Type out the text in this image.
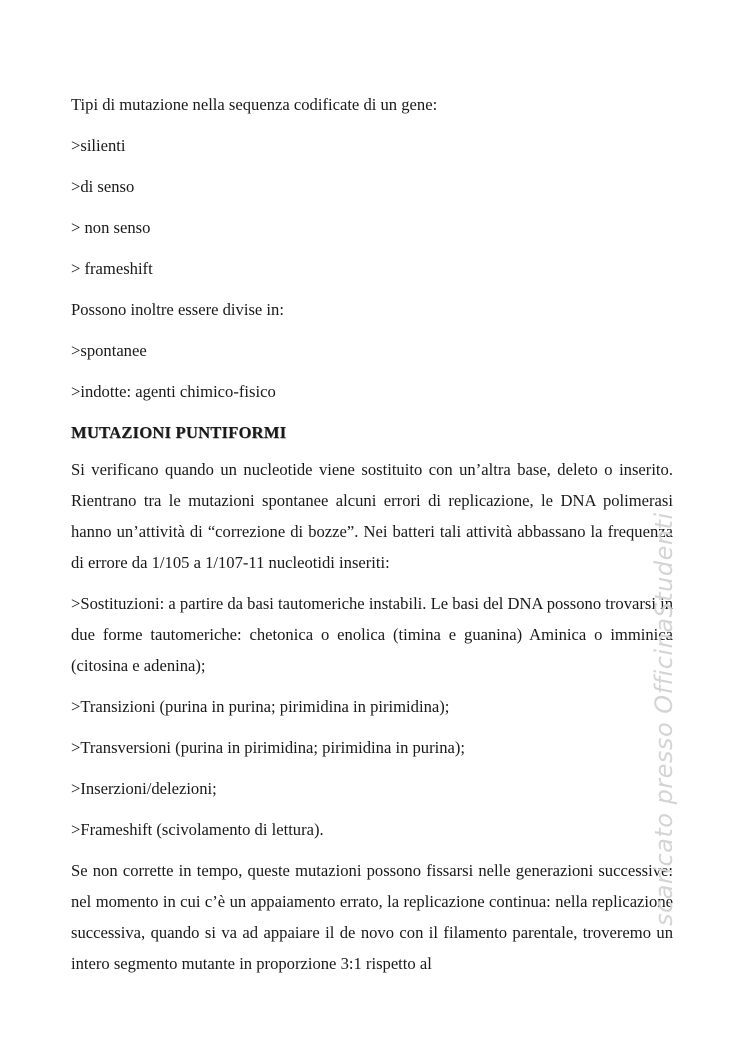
Tipi di mutazione nella sequenza codificate di un gene:
>silienti
>di senso
> non senso
> frameshift
Possono inoltre essere divise in:
>spontanee
>indotte: agenti chimico-fisico
MUTAZIONI PUNTIFORMI
Si verificano quando un nucleotide viene sostituito con un’altra base, deleto o inserito. Rientrano tra le mutazioni spontanee alcuni errori di replicazione, le DNA polimerasi hanno un’attività di “correzione di bozze”. Nei batteri tali attività abbassano la frequenza di errore da 1/105 a 1/107-11 nucleotidi inseriti:
>Sostituzioni: a partire da basi tautomeriche instabili. Le basi del DNA possono trovarsi in due forme tautomeriche: chetonica o enolica (timina e guanina) Aminica o imminica (citosina e adenina);
>Transizioni (purina in purina; pirimidina in pirimidina);
>Transversioni (purina in pirimidina; pirimidina in purina);
>Inserzioni/delezioni;
>Frameshift (scivolamento di lettura).
Se non corrette in tempo, queste mutazioni possono fissarsi nelle generazioni successive: nel momento in cui c’è un appaiamento errato, la replicazione continua: nella replicazione successiva, quando si va ad appaiare il de novo con il filamento parentale, troveremo un intero segmento mutante in proporzione 3:1 rispetto al
scaricato presso OfficinaStudenti
